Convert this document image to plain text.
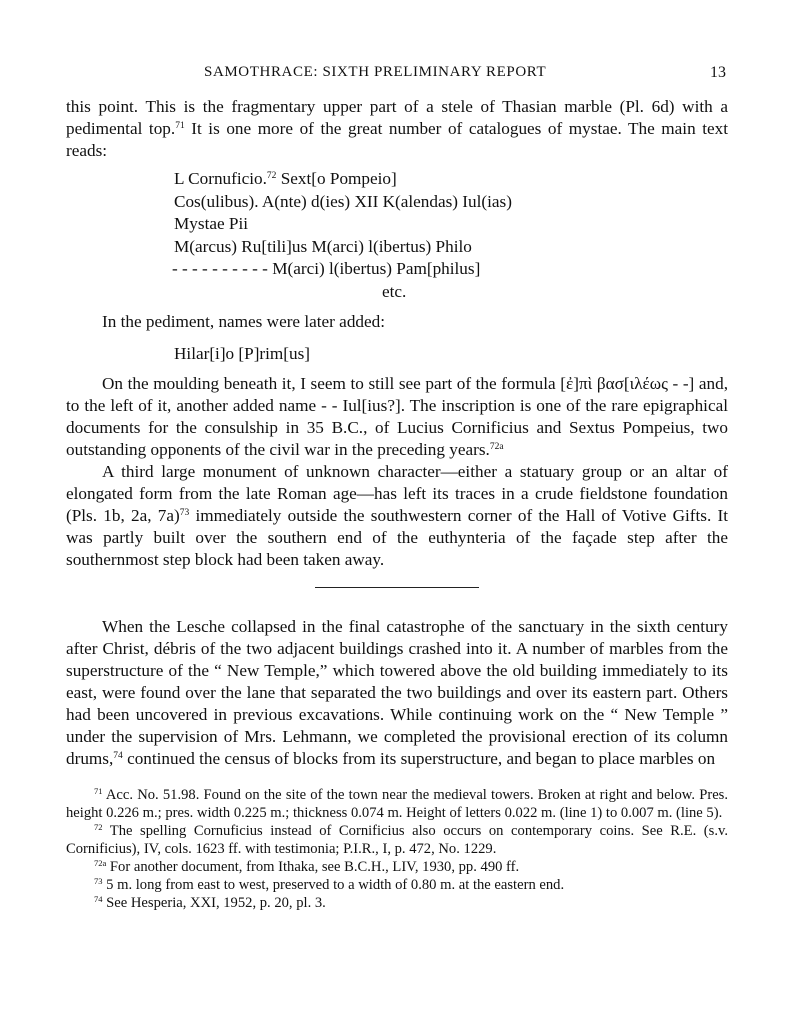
SAMOTHRACE: SIXTH PRELIMINARY REPORT	13

this point. This is the fragmentary upper part of a stele of Thasian marble (Pl. 6d) with a pedimental top.$^{71}$ It is one more of the great number of catalogues of mystae. The main text reads:

L Cornuficio.$^{72}$ Sext[o Pompeio]
Cos(ulibus). A(nte) d(ies) XII K(alendas) Iul(ias)
Mystae Pii
M(arcus) Ru[tili]us M(arci) l(ibertus) Philo
- - - - - - - - - - M(arci) l(ibertus) Pam[philus]
etc.

In the pediment, names were later added:

Hilar[i]o [P]rim[us]

On the moulding beneath it, I seem to still see part of the formula [ἐ]πὶ βασ[ιλέως - -] and, to the left of it, another added name - - Iul[ius?]. The inscription is one of the rare epigraphical documents for the consulship in 35 B.C., of Lucius Cornificius and Sextus Pompeius, two outstanding opponents of the civil war in the preceding years.$^{72a}$

A third large monument of unknown character—either a statuary group or an altar of elongated form from the late Roman age—has left its traces in a crude fieldstone foundation (Pls. 1b, 2a, 7a)$^{73}$ immediately outside the southwestern corner of the Hall of Votive Gifts. It was partly built over the southern end of the euthynteria of the façade step after the southernmost step block had been taken away.

When the Lesche collapsed in the final catastrophe of the sanctuary in the sixth century after Christ, débris of the two adjacent buildings crashed into it. A number of marbles from the superstructure of the “ New Temple,” which towered above the old building immediately to its east, were found over the lane that separated the two buildings and over its eastern part. Others had been uncovered in previous excavations. While continuing work on the “ New Temple ” under the supervision of Mrs. Lehmann, we completed the provisional erection of its column drums,$^{74}$ continued the census of blocks from its superstructure, and began to place marbles on

$^{71}$ Acc. No. 51.98. Found on the site of the town near the medieval towers. Broken at right and below. Pres. height 0.226 m.; pres. width 0.225 m.; thickness 0.074 m. Height of letters 0.022 m. (line 1) to 0.007 m. (line 5).

$^{72}$ The spelling Cornuficius instead of Cornificius also occurs on contemporary coins. See R.E. (s.v. Cornificius), IV, cols. 1623 ff. with testimonia; P.I.R., I, p. 472, No. 1229.

$^{72a}$ For another document, from Ithaka, see B.C.H., LIV, 1930, pp. 490 ff.

$^{73}$ 5 m. long from east to west, preserved to a width of 0.80 m. at the eastern end.

$^{74}$ See Hesperia, XXI, 1952, p. 20, pl. 3.
